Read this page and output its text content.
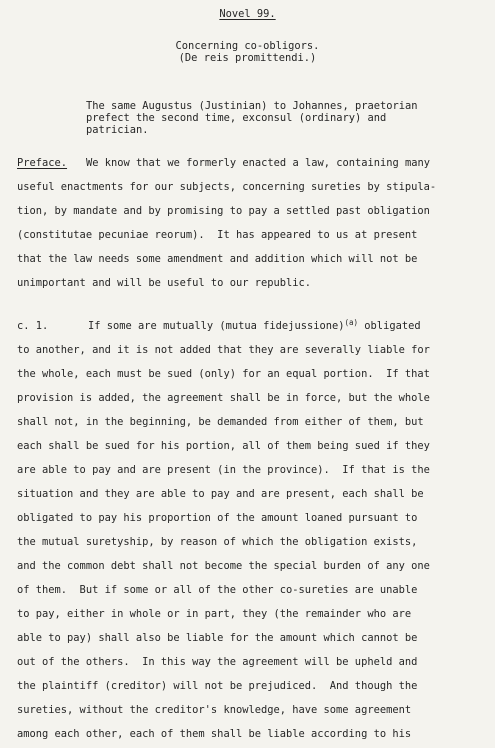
Novel 99.
Concerning co-obligors.
(De reis promittendi.)
The same Augustus (Justinian) to Johannes, praetorian
prefect the second time, exconsul (ordinary) and
patrician.
Preface. We know that we formerly enacted a law, containing many
useful enactments for our subjects, concerning sureties by stipula-
tion, by mandate and by promising to pay a settled past obligation
(constitutae pecuniae reorum).  It has appeared to us at present
that the law needs some amendment and addition which will not be
unimportant and will be useful to our republic.
c. 1.	If some are mutually (mutua fidejussione)$^{(a)}$ obligated
to another, and it is not added that they are severally liable for
the whole, each must be sued (only) for an equal portion.  If that
provision is added, the agreement shall be in force, but the whole
shall not, in the beginning, be demanded from either of them, but
each shall be sued for his portion, all of them being sued if they
are able to pay and are present (in the province).  If that is the
situation and they are able to pay and are present, each shall be
obligated to pay his proportion of the amount loaned pursuant to
the mutual suretyship, by reason of which the obligation exists,
and the common debt shall not become the special burden of any one
of them.  But if some or all of the other co-sureties are unable
to pay, either in whole or in part, they (the remainder who are
able to pay) shall also be liable for the amount which cannot be
out of the others.  In this way the agreement will be upheld and
the plaintiff (creditor) will not be prejudiced.  And though the
sureties, without the creditor's knowledge, have some agreement
among each other, each of them shall be liable according to his
